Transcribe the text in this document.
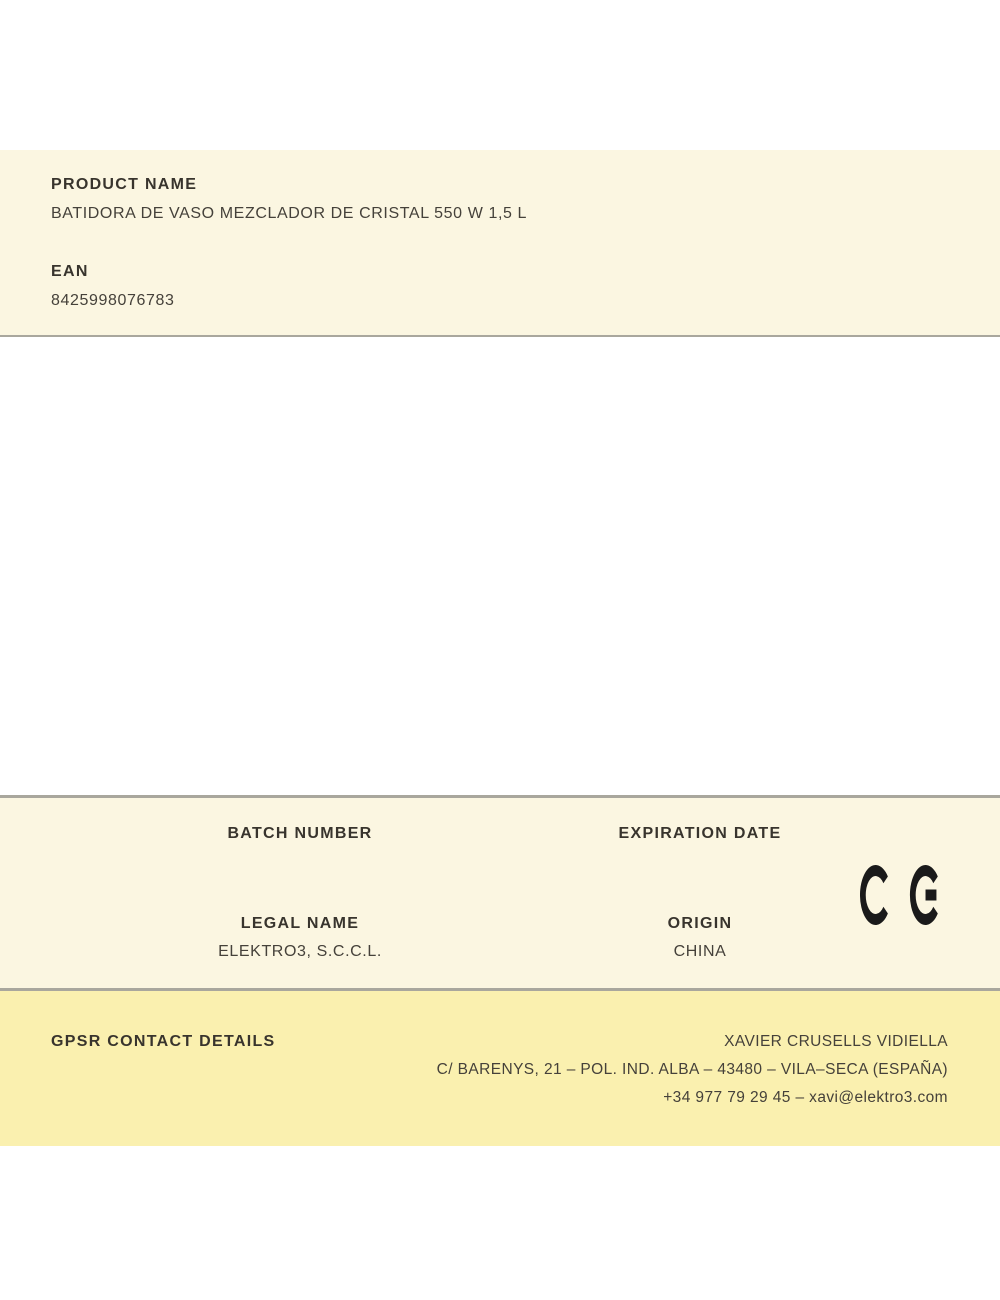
PRODUCT NAME
BATIDORA DE VASO MEZCLADOR DE CRISTAL 550 W 1,5 L
EAN
8425998076783
BATCH NUMBER	EXPIRATION DATE
LEGAL NAME
ELEKTRO3, S.C.C.L.
ORIGIN
CHINA
GPSR CONTACT DETAILS	XAVIER CRUSELLS VIDIELLA
C/ BARENYS, 21 – POL. IND. ALBA – 43480 – VILA–SECA (ESPAÑA)
+34 977 79 29 45 – xavi@elektro3.com
